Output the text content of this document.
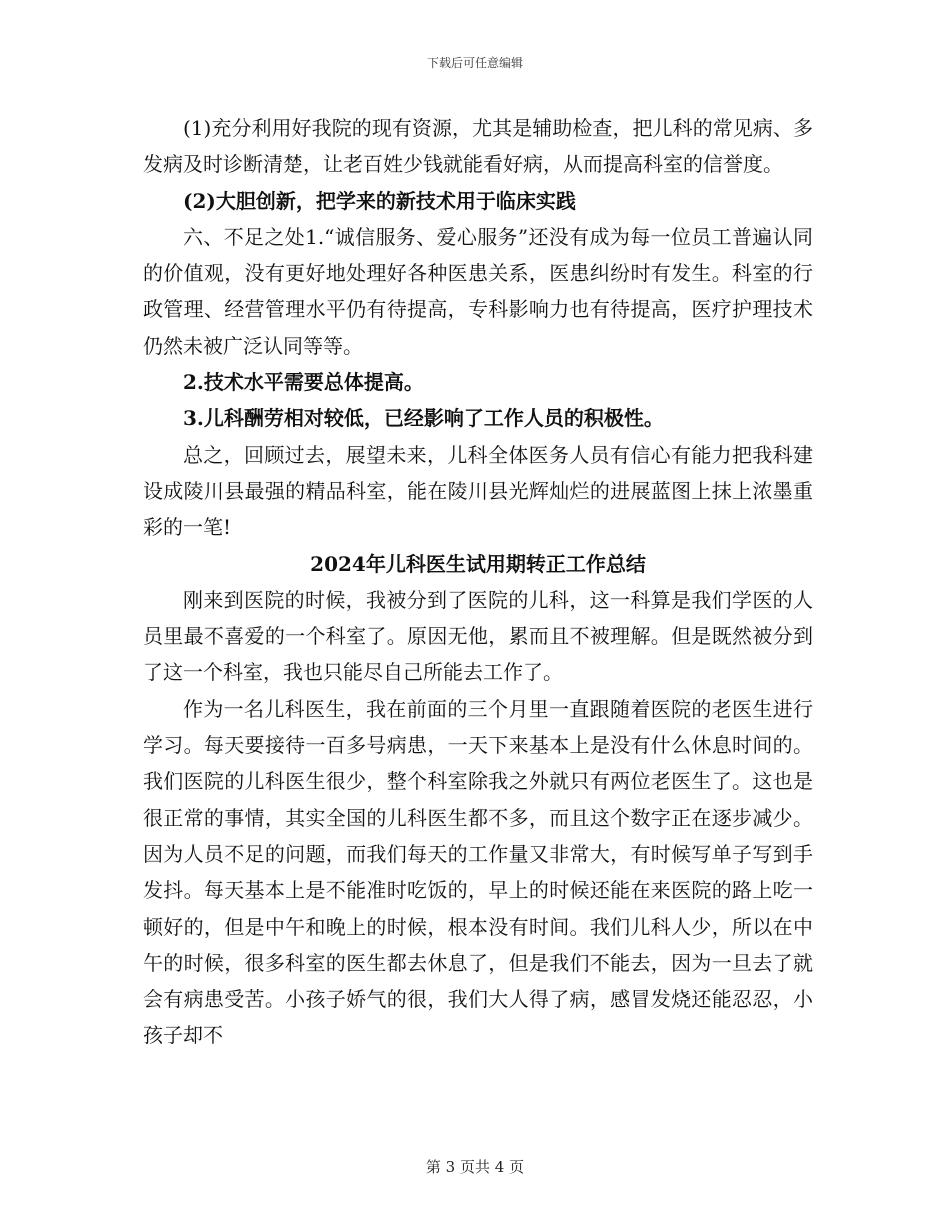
下载后可任意编辑

(1)充分利用好我院的现有资源，尤其是辅助检查，把儿科的常见病、多发病及时诊断清楚，让老百姓少钱就能看好病，从而提高科室的信誉度。

(2)大胆创新，把学来的新技术用于临床实践

六、不足之处1.“诚信服务、爱心服务”还没有成为每一位员工普遍认同的价值观，没有更好地处理好各种医患关系，医患纠纷时有发生。科室的行政管理、经营管理水平仍有待提高，专科影响力也有待提高，医疗护理技术仍然未被广泛认同等等。

2.技术水平需要总体提高。

3.儿科酬劳相对较低，已经影响了工作人员的积极性。

总之，回顾过去，展望未来，儿科全体医务人员有信心有能力把我科建设成陵川县最强的精品科室，能在陵川县光辉灿烂的进展蓝图上抹上浓墨重彩的一笔!

2024年儿科医生试用期转正工作总结

刚来到医院的时候，我被分到了医院的儿科，这一科算是我们学医的人员里最不喜爱的一个科室了。原因无他，累而且不被理解。但是既然被分到了这一个科室，我也只能尽自己所能去工作了。

作为一名儿科医生，我在前面的三个月里一直跟随着医院的老医生进行学习。每天要接待一百多号病患，一天下来基本上是没有什么休息时间的。我们医院的儿科医生很少，整个科室除我之外就只有两位老医生了。这也是很正常的事情，其实全国的儿科医生都不多，而且这个数字正在逐步减少。因为人员不足的问题，而我们每天的工作量又非常大，有时候写单子写到手发抖。每天基本上是不能准时吃饭的，早上的时候还能在来医院的路上吃一顿好的，但是中午和晚上的时候，根本没有时间。我们儿科人少，所以在中午的时候，很多科室的医生都去休息了，但是我们不能去，因为一旦去了就会有病患受苦。小孩子娇气的很，我们大人得了病，感冒发烧还能忍忍，小孩子却不

第 3 页共 4 页
